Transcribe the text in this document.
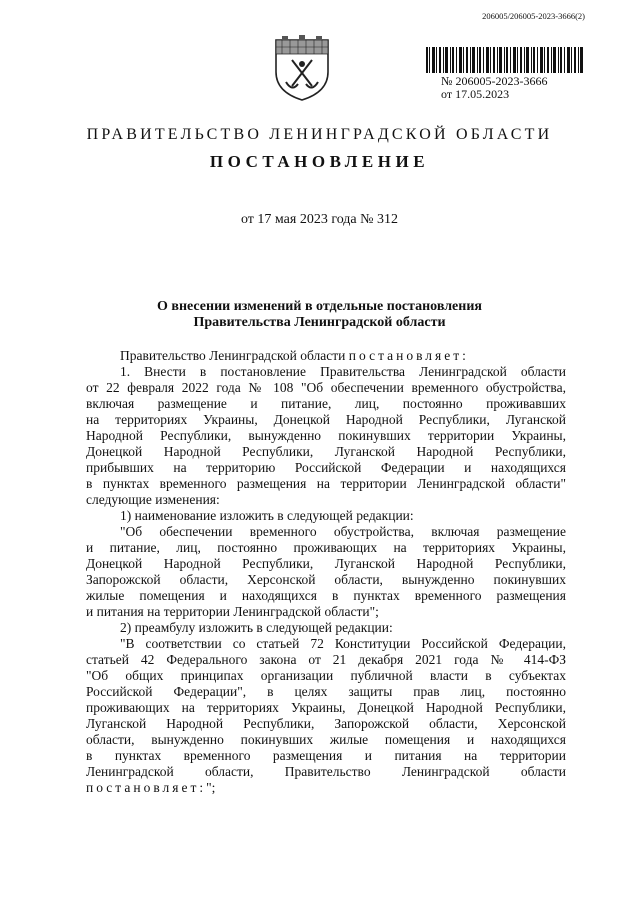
206005/206005-2023-3666(2)
№ 206005-2023-3666
от 17.05.2023
ПРАВИТЕЛЬСТВО ЛЕНИНГРАДСКОЙ ОБЛАСТИ
ПОСТАНОВЛЕНИЕ
от 17 мая 2023 года № 312
О внесении изменений в отдельные постановления
Правительства Ленинградской области

Правительство Ленинградской области постановляет:

1. Внести в постановление Правительства Ленинградской области

от 22 февраля 2022 года № 108 "Об обеспечении временного обустройства,

включая размещение и питание, лиц, постоянно проживавших

на территориях Украины, Донецкой Народной Республики, Луганской

Народной Республики, вынужденно покинувших территории Украины,

Донецкой Народной Республики, Луганской Народной Республики,

прибывших на территорию Российской Федерации и находящихся

в пунктах временного размещения на территории Ленинградской области"

следующие изменения:

1) наименование изложить в следующей редакции:

"Об обеспечении временного обустройства, включая размещение

и питание, лиц, постоянно проживающих на территориях Украины,

Донецкой Народной Республики, Луганской Народной Республики,

Запорожской области, Херсонской области, вынужденно покинувших

жилые помещения и находящихся в пунктах временного размещения

и питания на территории Ленинградской области";

2) преамбулу изложить в следующей редакции:

"В соответствии со статьей 72 Конституции Российской Федерации,

статьей 42 Федерального закона от 21 декабря 2021 года № 414-ФЗ

"Об общих принципах организации публичной власти в субъектах

Российской Федерации", в целях защиты прав лиц, постоянно

проживающих на территориях Украины, Донецкой Народной Республики,

Луганской Народной Республики, Запорожской области, Херсонской

области, вынужденно покинувших жилые помещения и находящихся

в пунктах временного размещения и питания на территории

Ленинградской области, Правительство Ленинградской области

постановляет:";
